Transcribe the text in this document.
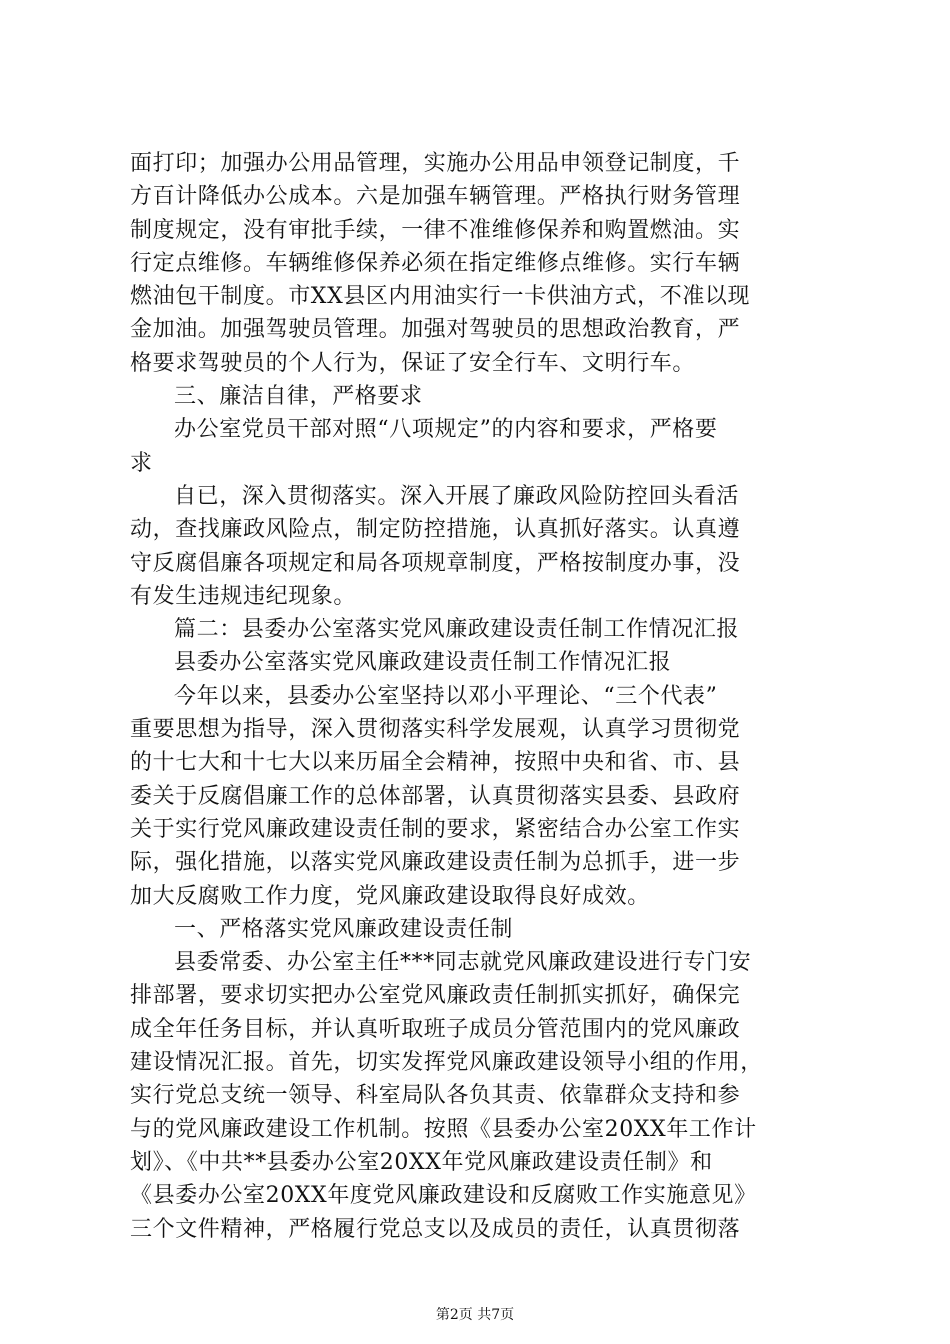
面打印；加强办公用品管理，实施办公用品申领登记制度，千
方百计降低办公成本。六是加强车辆管理。严格执行财务管理
制度规定，没有审批手续，一律不准维修保养和购置燃油。实
行定点维修。车辆维修保养必须在指定维修点维修。实行车辆
燃油包干制度。市XX县区内用油实行一卡供油方式，不准以现
金加油。加强驾驶员管理。加强对驾驶员的思想政治教育，严
格要求驾驶员的个人行为，保证了安全行车、文明行车。
三、廉洁自律，严格要求
办公室党员干部对照“八项规定”的内容和要求，严格要
求
自已，深入贯彻落实。深入开展了廉政风险防控回头看活
动，查找廉政风险点，制定防控措施，认真抓好落实。认真遵
守反腐倡廉各项规定和局各项规章制度，严格按制度办事，没
有发生违规违纪现象。
篇二：县委办公室落实党风廉政建设责任制工作情况汇报
县委办公室落实党风廉政建设责任制工作情况汇报
今年以来，县委办公室坚持以邓小平理论、“三个代表”
重要思想为指导，深入贯彻落实科学发展观，认真学习贯彻党
的十七大和十七大以来历届全会精神，按照中央和省、市、县
委关于反腐倡廉工作的总体部署，认真贯彻落实县委、县政府
关于实行党风廉政建设责任制的要求，紧密结合办公室工作实
际，强化措施，以落实党风廉政建设责任制为总抓手，进一步
加大反腐败工作力度，党风廉政建设取得良好成效。
一、严格落实党风廉政建设责任制
县委常委、办公室主任***同志就党风廉政建设进行专门安
排部署，要求切实把办公室党风廉政责任制抓实抓好，确保完
成全年任务目标，并认真听取班子成员分管范围内的党风廉政
建设情况汇报。首先，切实发挥党风廉政建设领导小组的作用，
实行党总支统一领导、科室局队各负其责、依靠群众支持和参
与的党风廉政建设工作机制。按照《县委办公室20XX年工作计
划》、《中共**县委办公室20XX年党风廉政建设责任制》和
《县委办公室20XX年度党风廉政建设和反腐败工作实施意见》
三个文件精神，严格履行党总支以及成员的责任，认真贯彻落
第2页 共7页
